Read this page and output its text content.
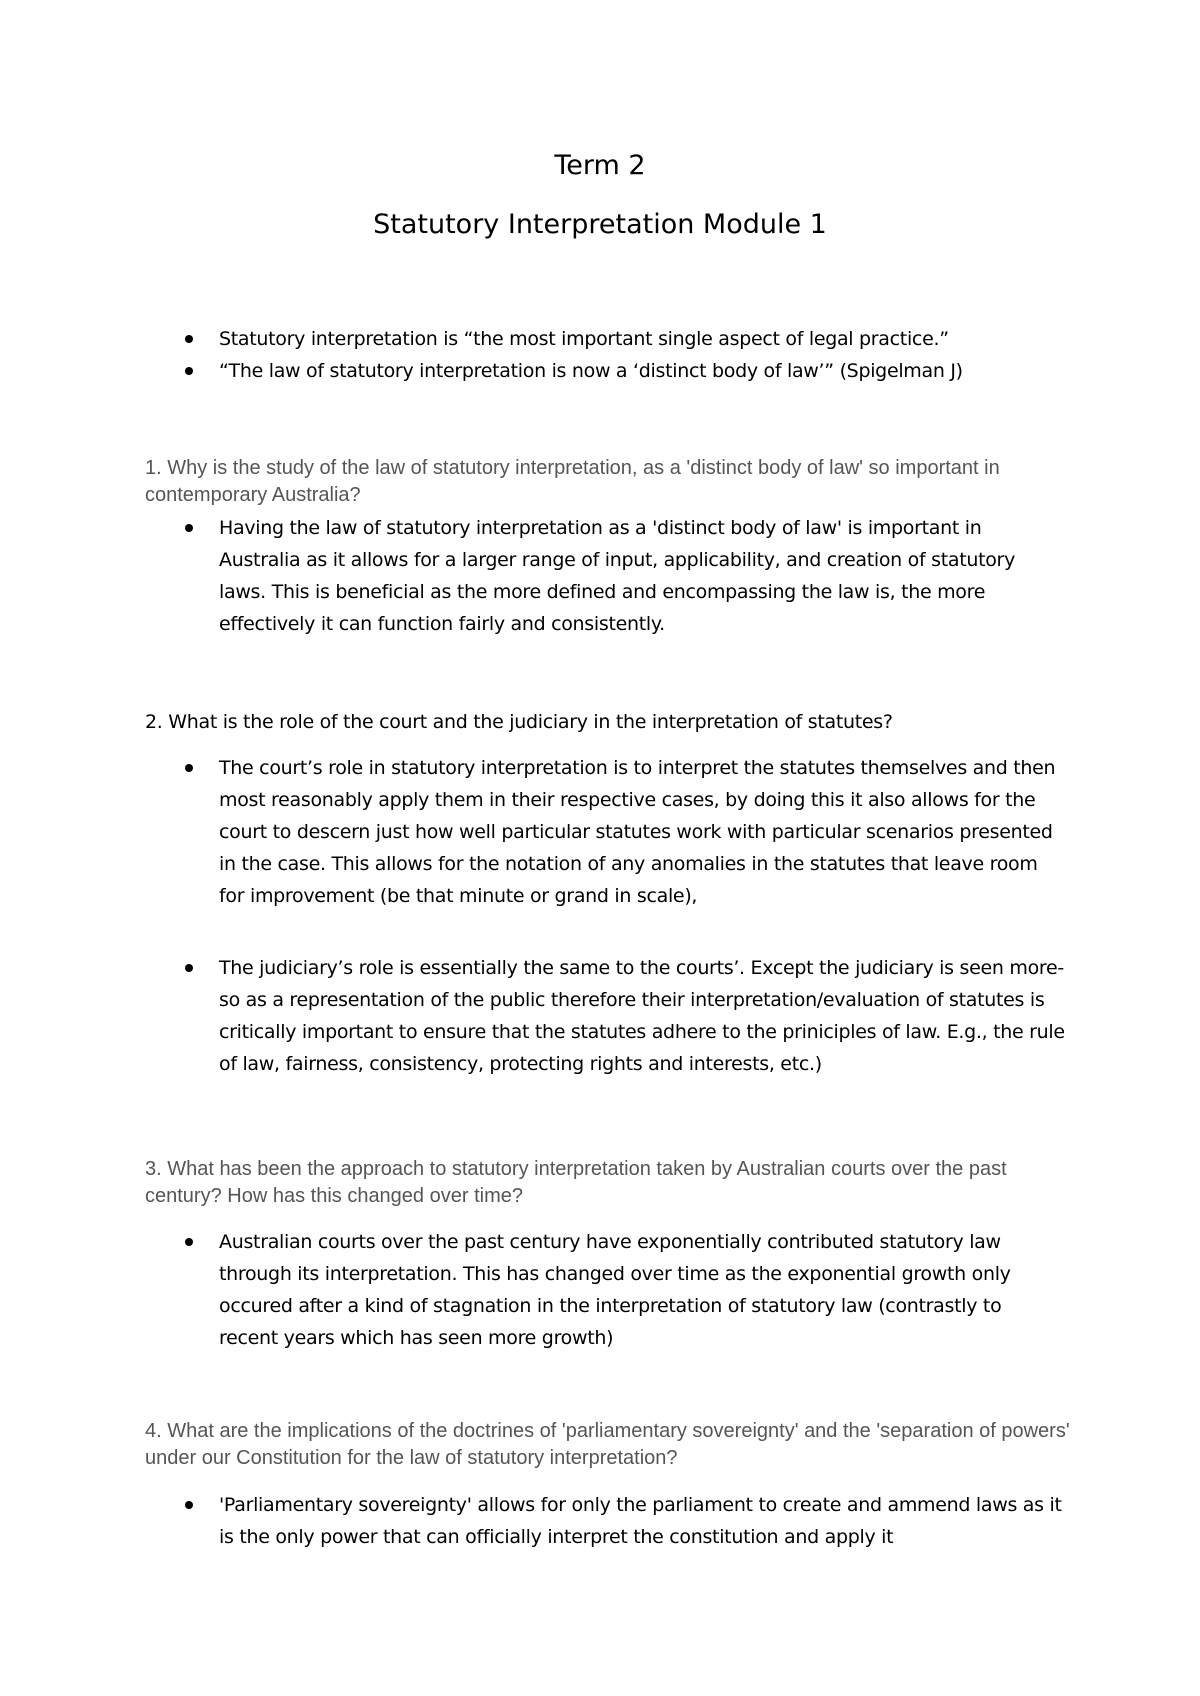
Term 2
Statutory Interpretation Module 1
Statutory interpretation is “the most important single aspect of legal practice.”
“The law of statutory interpretation is now a ‘distinct body of law’” (Spigelman J)

1. Why is the study of the law of statutory interpretation, as a 'distinct body of law' so important in contemporary Australia?

Having the law of statutory interpretation as a 'distinct body of law' is important in Australia as it allows for a larger range of input, applicability, and creation of statutory laws. This is beneficial as the more defined and encompassing the law is, the more effectively it can function fairly and consistently.

2. What is the role of the court and the judiciary in the interpretation of statutes?

The court’s role in statutory interpretation is to interpret the statutes themselves and then most reasonably apply them in their respective cases, by doing this it also allows for the court to descern just how well particular statutes work with particular scenarios presented in the case. This allows for the notation of any anomalies in the statutes that leave room for improvement (be that minute or grand in scale),
The judiciary’s role is essentially the same to the courts’. Except the judiciary is seen more-so as a representation of the public therefore their interpretation/evaluation of statutes is critically important to ensure that the statutes adhere to the priniciples of law. E.g., the rule of law, fairness, consistency, protecting rights and interests, etc.)

3. What has been the approach to statutory interpretation taken by Australian courts over the past century? How has this changed over time?

Australian courts over the past century have exponentially contributed statutory law through its interpretation. This has changed over time as the exponential growth only occured after a kind of stagnation in the interpretation of statutory law (contrastly to recent years which has seen more growth)

4. What are the implications of the doctrines of 'parliamentary sovereignty' and the 'separation of powers' under our Constitution for the law of statutory interpretation?

'Parliamentary sovereignty' allows for only the parliament to create and ammend laws as it is the only power that can officially interpret the constitution and apply it
